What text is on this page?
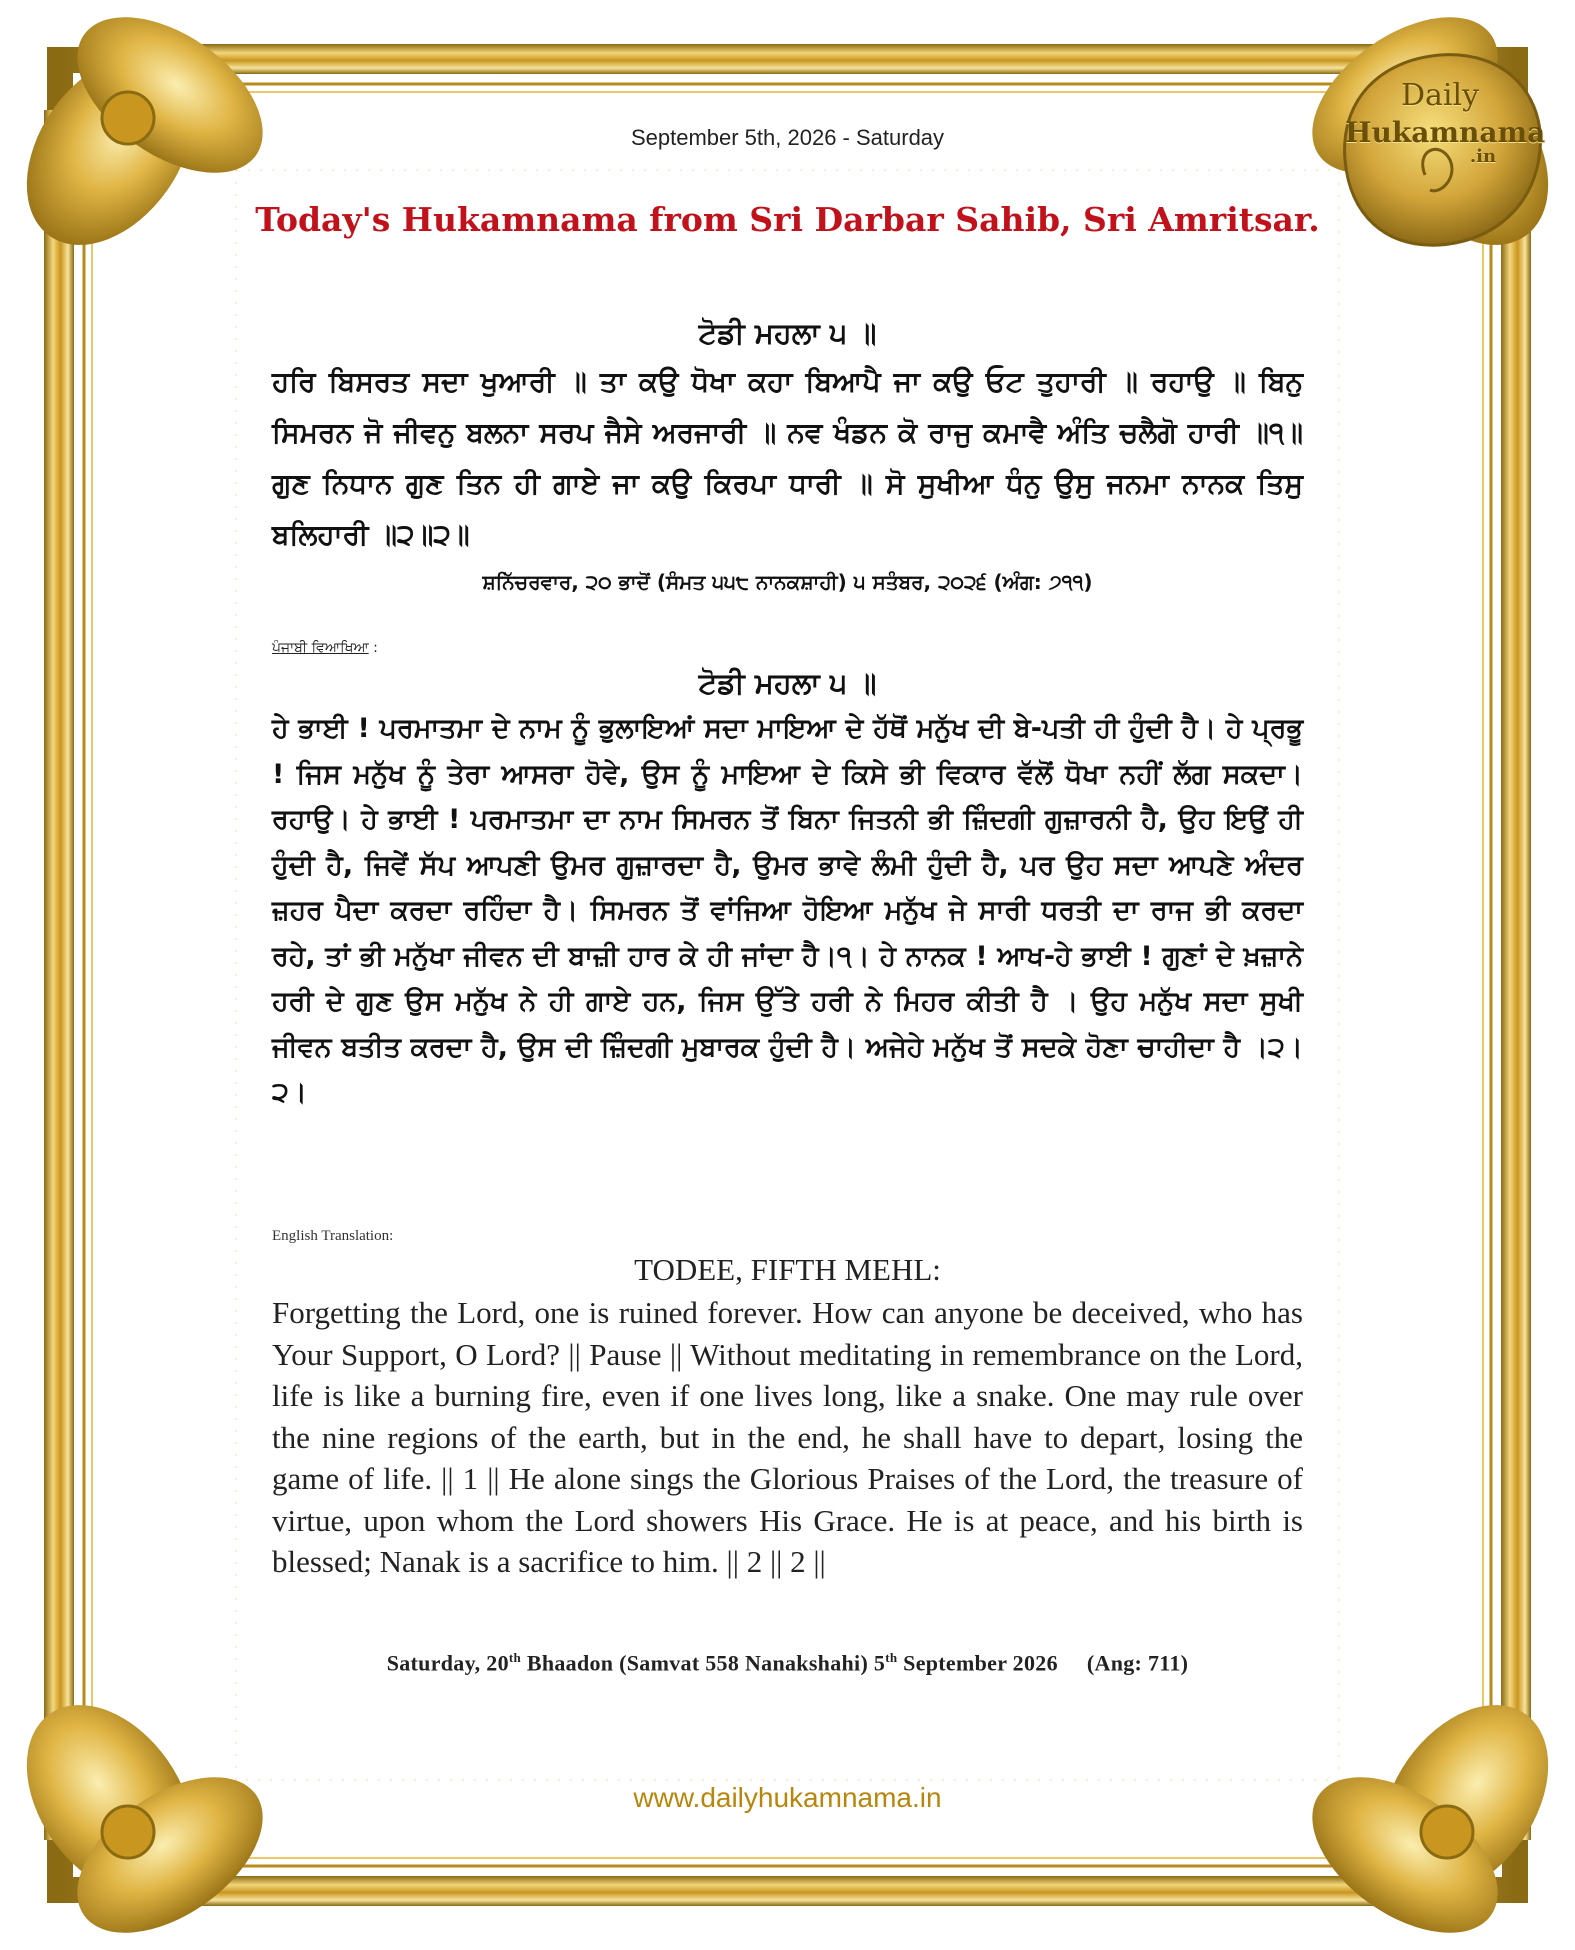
Daily
Hukamnama
.in
September 5th, 2026 - Saturday
Today's Hukamnama from Sri Darbar Sahib, Sri Amritsar.
ਟੋਡੀ ਮਹਲਾ ੫ ॥
ਹਰਿ ਬਿਸਰਤ ਸਦਾ ਖੁਆਰੀ ॥ ਤਾ ਕਉ ਧੋਖਾ ਕਹਾ ਬਿਆਪੈ ਜਾ ਕਉ ਓਟ ਤੁਹਾਰੀ ॥ ਰਹਾਉ ॥ ਬਿਨੁ ਸਿਮਰਨ ਜੋ ਜੀਵਨੁ ਬਲਨਾ ਸਰਪ ਜੈਸੇ ਅਰਜਾਰੀ ॥ ਨਵ ਖੰਡਨ ਕੋ ਰਾਜੁ ਕਮਾਵੈ ਅੰਤਿ ਚਲੈਗੋ ਹਾਰੀ ॥੧॥ ਗੁਣ ਨਿਧਾਨ ਗੁਣ ਤਿਨ ਹੀ ਗਾਏ ਜਾ ਕਉ ਕਿਰਪਾ ਧਾਰੀ ॥ ਸੋ ਸੁਖੀਆ ਧੰਨੁ ਉਸੁ ਜਨਮਾ ਨਾਨਕ ਤਿਸੁ ਬਲਿਹਾਰੀ ॥੨॥੨॥
ਸ਼ਨਿੱਚਰਵਾਰ, ੨੦ ਭਾਦੋਂ (ਸੰਮਤ ੫੫੮ ਨਾਨਕਸ਼ਾਹੀ) ੫ ਸਤੰਬਰ, ੨੦੨੬ (ਅੰਗ: ੭੧੧)
ਪੰਜਾਬੀ ਵਿਆਖਿਆ :
ਟੋਡੀ ਮਹਲਾ ੫ ॥
ਹੇ ਭਾਈ ! ਪਰਮਾਤਮਾ ਦੇ ਨਾਮ ਨੂੰ ਭੁਲਾਇਆਂ ਸਦਾ ਮਾਇਆ ਦੇ ਹੱਥੋਂ ਮਨੁੱਖ ਦੀ ਬੇ-ਪਤੀ ਹੀ ਹੁੰਦੀ ਹੈ। ਹੇ ਪ੍ਰਭੂ ! ਜਿਸ ਮਨੁੱਖ ਨੂੰ ਤੇਰਾ ਆਸਰਾ ਹੋਵੇ, ਉਸ ਨੂੰ ਮਾਇਆ ਦੇ ਕਿਸੇ ਭੀ ਵਿਕਾਰ ਵੱਲੋਂ ਧੋਖਾ ਨਹੀਂ ਲੱਗ ਸਕਦਾ।ਰਹਾਉ। ਹੇ ਭਾਈ ! ਪਰਮਾਤਮਾ ਦਾ ਨਾਮ ਸਿਮਰਨ ਤੋਂ ਬਿਨਾ ਜਿਤਨੀ ਭੀ ਜ਼ਿੰਦਗੀ ਗੁਜ਼ਾਰਨੀ ਹੈ, ਉਹ ਇਉਂ ਹੀ ਹੁੰਦੀ ਹੈ, ਜਿਵੇਂ ਸੱਪ ਆਪਣੀ ਉਮਰ ਗੁਜ਼ਾਰਦਾ ਹੈ, ਉਮਰ ਭਾਵੇ ਲੰਮੀ ਹੁੰਦੀ ਹੈ, ਪਰ ਉਹ ਸਦਾ ਆਪਣੇ ਅੰਦਰ ਜ਼ਹਰ ਪੈਦਾ ਕਰਦਾ ਰਹਿੰਦਾ ਹੈ। ਸਿਮਰਨ ਤੋਂ ਵਾਂਜਿਆ ਹੋਇਆ ਮਨੁੱਖ ਜੇ ਸਾਰੀ ਧਰਤੀ ਦਾ ਰਾਜ ਭੀ ਕਰਦਾ ਰਹੇ, ਤਾਂ ਭੀ ਮਨੁੱਖਾ ਜੀਵਨ ਦੀ ਬਾਜ਼ੀ ਹਾਰ ਕੇ ਹੀ ਜਾਂਦਾ ਹੈ।੧। ਹੇ ਨਾਨਕ ! ਆਖ-ਹੇ ਭਾਈ ! ਗੁਣਾਂ ਦੇ ਖ਼ਜ਼ਾਨੇ ਹਰੀ ਦੇ ਗੁਣ ਉਸ ਮਨੁੱਖ ਨੇ ਹੀ ਗਾਏ ਹਨ, ਜਿਸ ਉੱਤੇ ਹਰੀ ਨੇ ਮਿਹਰ ਕੀਤੀ ਹੈ । ਉਹ ਮਨੁੱਖ ਸਦਾ ਸੁਖੀ ਜੀਵਨ ਬਤੀਤ ਕਰਦਾ ਹੈ, ਉਸ ਦੀ ਜ਼ਿੰਦਗੀ ਮੁਬਾਰਕ ਹੁੰਦੀ ਹੈ। ਅਜੇਹੇ ਮਨੁੱਖ ਤੋਂ ਸਦਕੇ ਹੋਣਾ ਚਾਹੀਦਾ ਹੈ ।੨।੨।
English Translation:
TODEE, FIFTH MEHL:
Forgetting the Lord, one is ruined forever. How can anyone be deceived, who has Your Support, O Lord? || Pause || Without meditating in remembrance on the Lord, life is like a burning fire, even if one lives long, like a snake. One may rule over the nine regions of the earth, but in the end, he shall have to depart, losing the game of life. || 1 || He alone sings the Glorious Praises of the Lord, the treasure of virtue, upon whom the Lord showers His Grace. He is at peace, and his birth is blessed; Nanak is a sacrifice to him. || 2 || 2 ||
Saturday, 20th Bhaadon (Samvat 558 Nanakshahi) 5th September 2026 (Ang: 711)
www.dailyhukamnama.in
